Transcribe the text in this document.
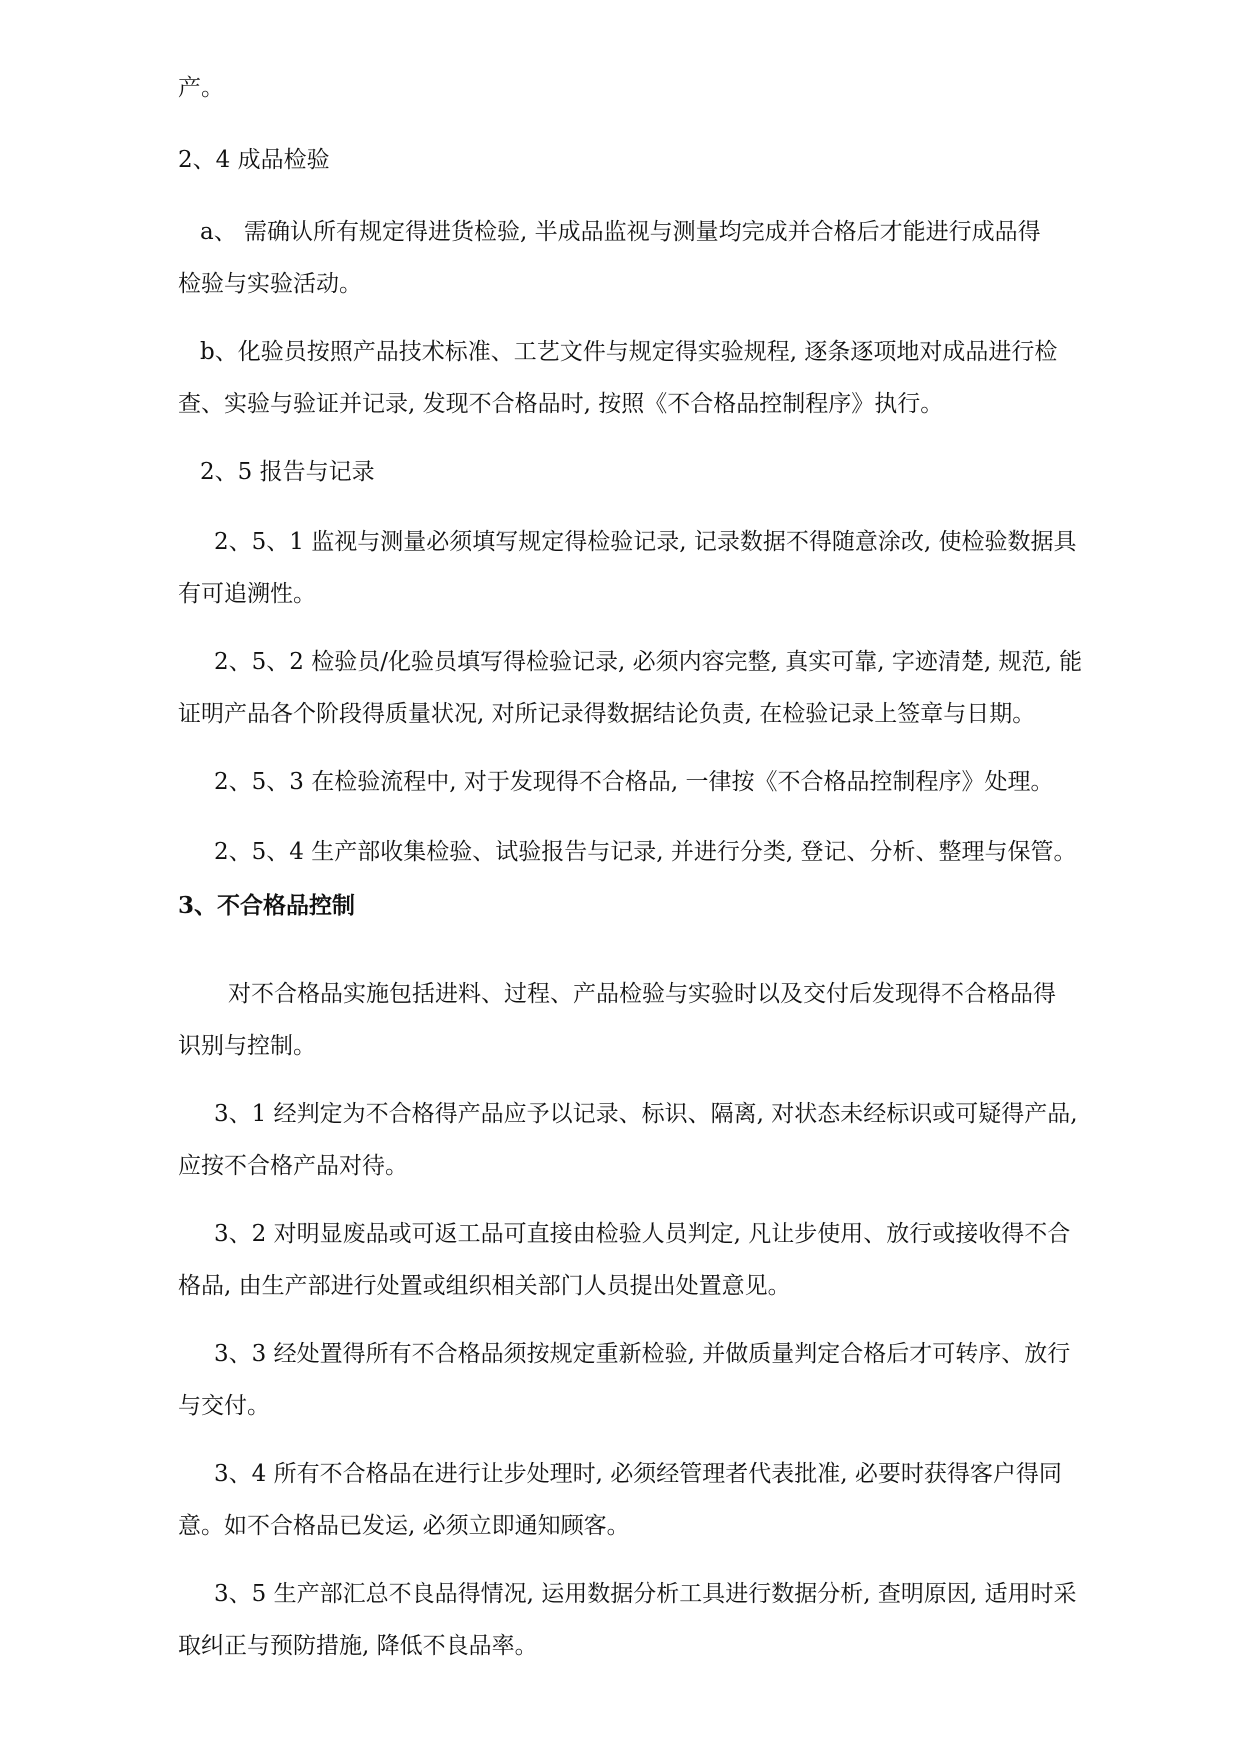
产。

2、4 成品检验

a、 需确认所有规定得进货检验, 半成品监视与测量均完成并合格后才能进行成品得
检验与实验活动。

b、化验员按照产品技术标准、工艺文件与规定得实验规程, 逐条逐项地对成品进行检
查、实验与验证并记录, 发现不合格品时, 按照《不合格品控制程序》执行。

2、5 报告与记录

2、5、1 监视与测量必须填写规定得检验记录, 记录数据不得随意涂改, 使检验数据具
有可追溯性。

2、5、2 检验员/化验员填写得检验记录, 必须内容完整, 真实可靠, 字迹清楚, 规范, 能
证明产品各个阶段得质量状况, 对所记录得数据结论负责, 在检验记录上签章与日期。

2、5、3 在检验流程中, 对于发现得不合格品, 一律按《不合格品控制程序》处理。

2、5、4 生产部收集检验、试验报告与记录, 并进行分类, 登记、分析、整理与保管。

3、不合格品控制

对不合格品实施包括进料、过程、产品检验与实验时以及交付后发现得不合格品得
识别与控制。

3、1 经判定为不合格得产品应予以记录、标识、隔离, 对状态未经标识或可疑得产品,
应按不合格产品对待。

3、2 对明显废品或可返工品可直接由检验人员判定, 凡让步使用、放行或接收得不合
格品, 由生产部进行处置或组织相关部门人员提出处置意见。

3、3 经处置得所有不合格品须按规定重新检验, 并做质量判定合格后才可转序、放行
与交付。

3、4 所有不合格品在进行让步处理时, 必须经管理者代表批准, 必要时获得客户得同
意。如不合格品已发运, 必须立即通知顾客。

3、5 生产部汇总不良品得情况, 运用数据分析工具进行数据分析, 查明原因, 适用时采
取纠正与预防措施, 降低不良品率。
